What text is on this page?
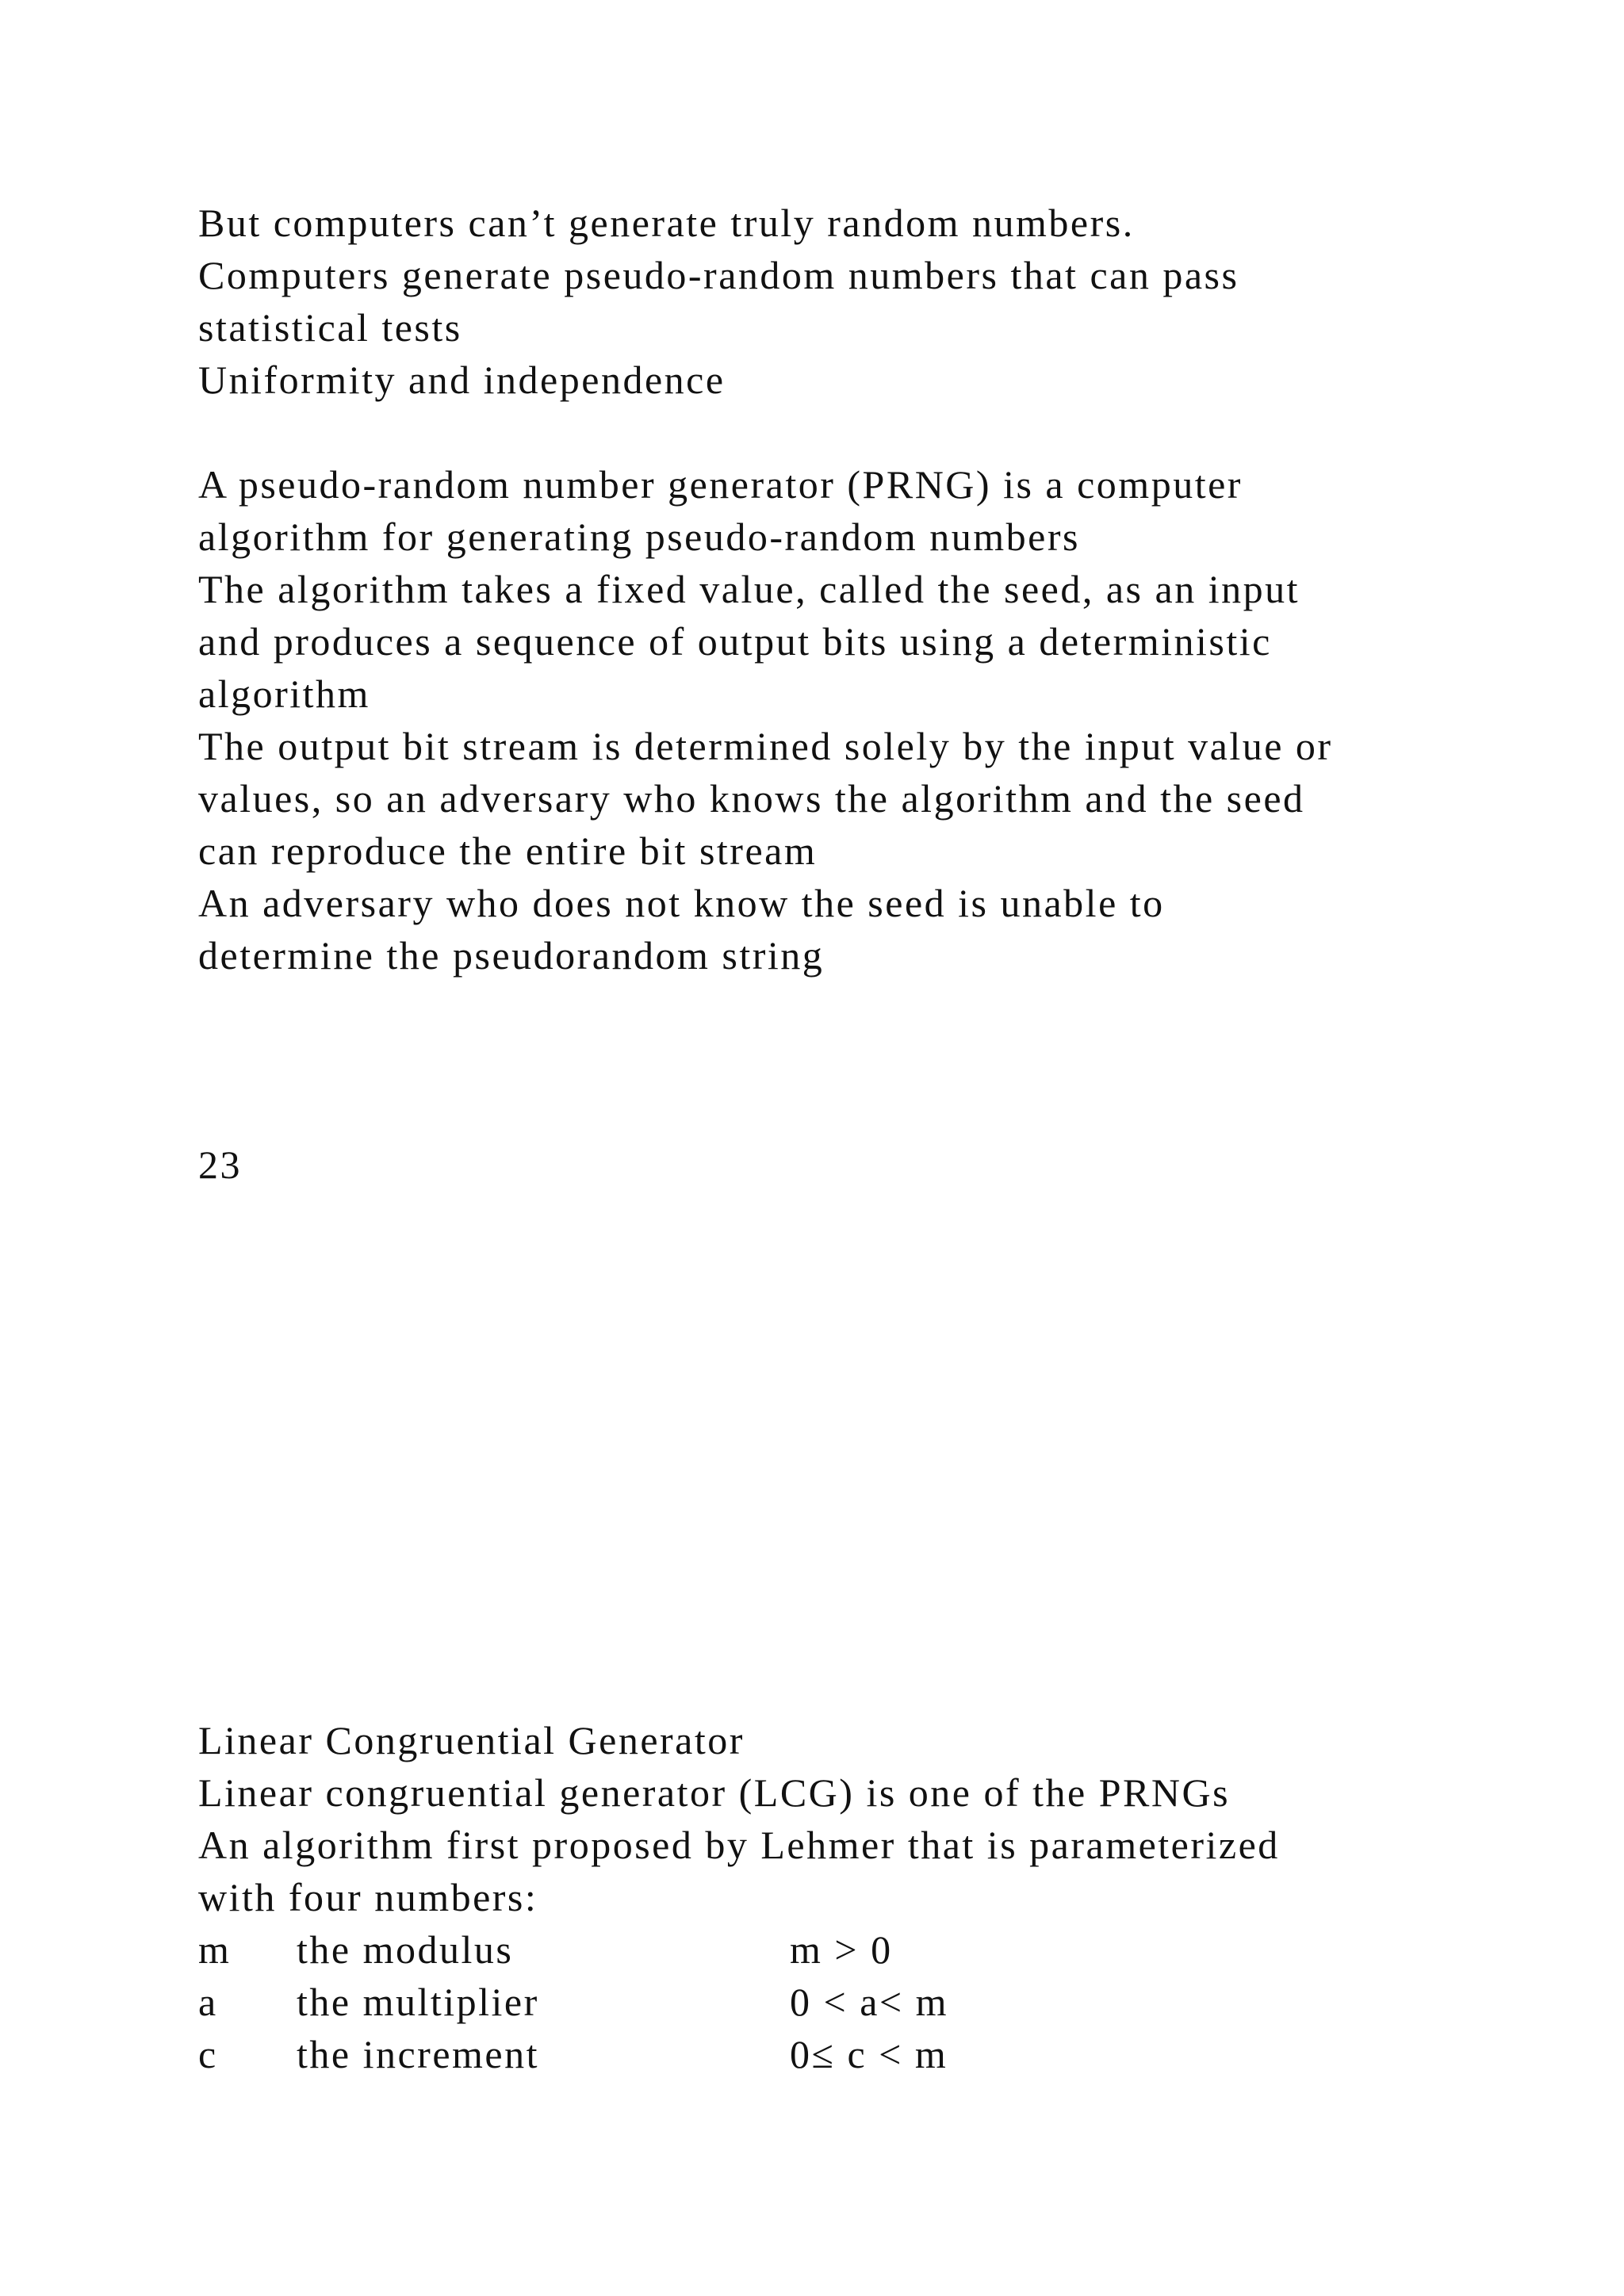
But computers can’t generate truly random numbers.
Computers generate pseudo-random numbers that can pass
statistical tests
Uniformity and independence
A pseudo-random number generator (PRNG) is a computer
algorithm for generating pseudo-random numbers
The algorithm takes a fixed value, called the seed, as an input
and produces a sequence of output bits using a deterministic
algorithm
The output bit stream is determined solely by the input value or
values, so an adversary who knows the algorithm and the seed
can reproduce the entire bit stream
An adversary who does not know the seed is unable to
determine the pseudorandom string
23
Linear Congruential Generator
Linear congruential generator (LCG) is one of the PRNGs
An algorithm first proposed by Lehmer that is parameterized
with four numbers:
m the modulus	m > 0
a the multiplier	0 < a< m
c the increment	0≤ c < m
